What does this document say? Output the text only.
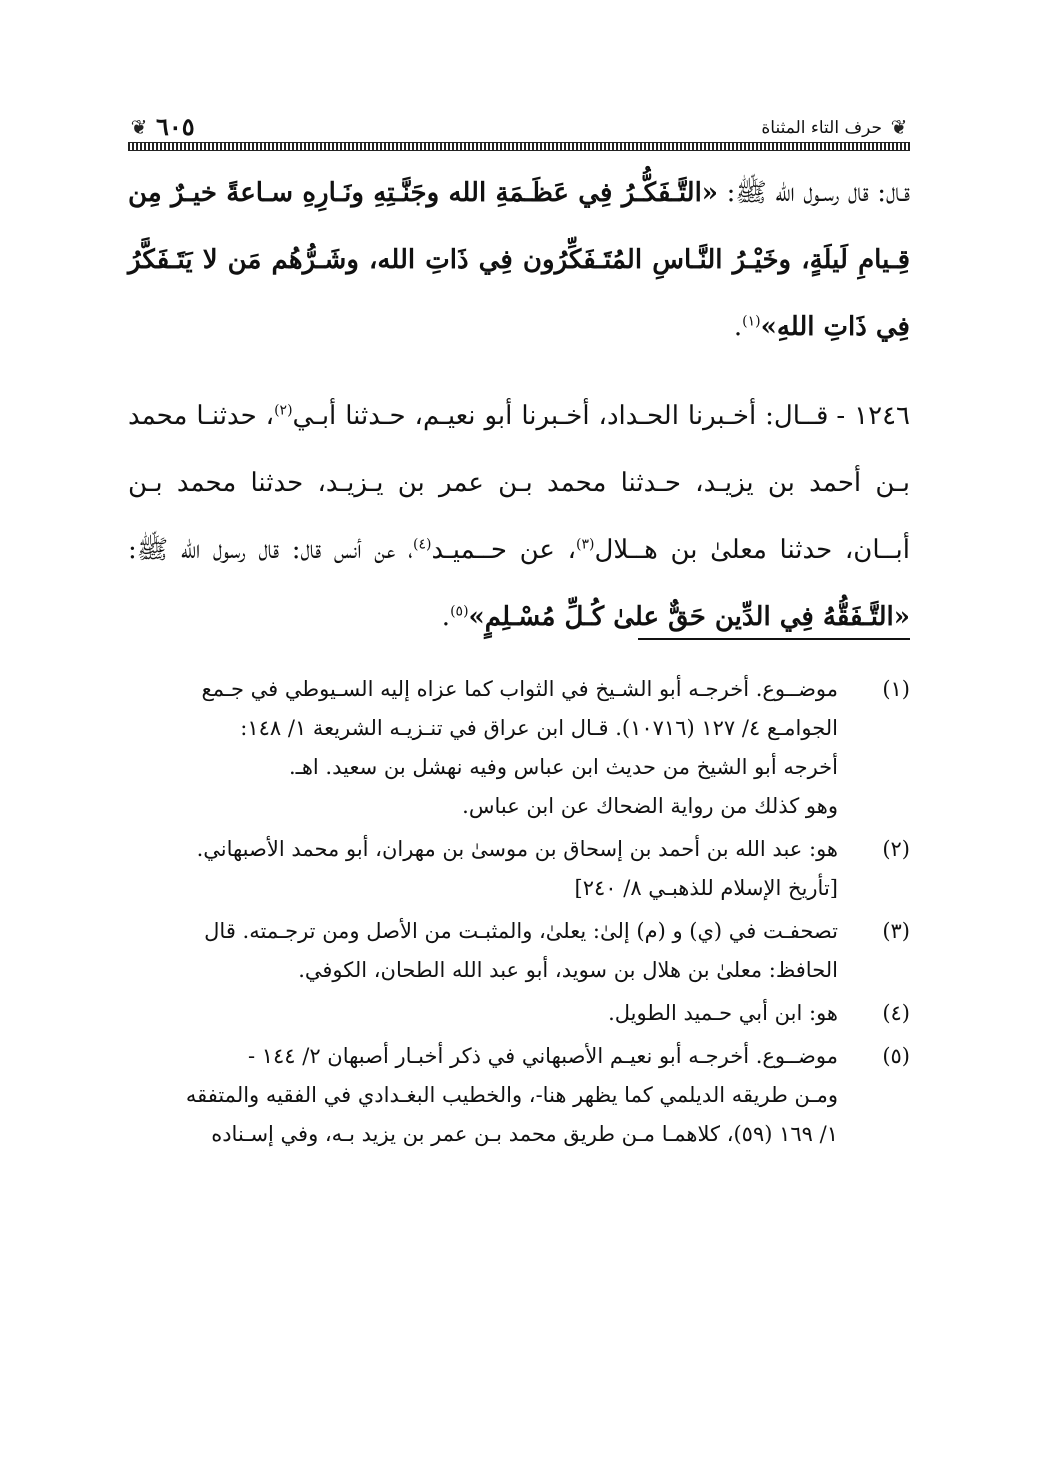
❦
حرف التاء المثناة
٦٠٥
❦

قـال: قال رسـول الله ﷺ: «التَّـفَكُّـرُ فِي عَظَـمَةِ الله وجَنَّـتِهِ ونَـارِهِ سـاعةً خيـرٌ مِن قِـيامِ لَيلَةٍ، وخَيْـرُ النَّـاسِ المُتَـفَكِّرُون فِي ذَاتِ الله، وشَـرُّهُم مَن لا يَتَـفَكَّرُ فِي ذَاتِ اللهِ»$^{(١)}$.

١٢٤٦ -قــال: أخـبرنا الحـداد، أخـبرنا أبو نعيـم، حـدثنا أبـي$^{(٢)}$، حدثنـا محمد بـن أحمد بن يزيـد، حـدثنا محمد بـن عمر بن يـزيـد، حدثنا محمد بـن أبــان، حدثنا معلىٰ بن هــلال$^{(٣)}$، عن حــميـد$^{(٤)}$، عن أنس قال: قال رسول الله ﷺ: «التَّـفَقُّهُ فِي الدِّين حَقٌّ علىٰ كُـلِّ مُسْـلِمٍ»$^{(٥)}$.

(١)
موضــوع. أخرجـه أبو الشـيخ في الثواب كما عزاه إليه السـيوطي في جـمع
الجوامـع ٤/ ١٢٧ (١٠٧١٦). قـال ابن عراق في تنـزيـه الشريعة ١/ ١٤٨:
أخرجه أبو الشيخ من حديث ابن عباس وفيه نهشل بن سعيد. اهـ.
وهو كذلك من رواية الضحاك عن ابن عباس.
(٢)
هو: عبد الله بن أحمد بن إسحاق بن موسىٰ بن مهران، أبو محمد الأصبهاني.
[تأريخ الإسلام للذهبـي ٨/ ٢٤٠]
(٣)
تصحفـت في (ي) و (م) إلىٰ: يعلىٰ، والمثبـت من الأصل ومن ترجـمته. قال
الحافظ: معلىٰ بن هلال بن سويد، أبو عبد الله الطحان، الكوفي.
(٤)
هو: ابن أبي حـميد الطويل.
(٥)
موضــوع. أخرجـه أبو نعيـم الأصبهاني في ذكر أخبـار أصبهان ٢/ ١٤٤ -
ومـن طريقه الديلمي كما يظهر هنا-، والخطيب البغـدادي في الفقيه والمتفقه
١/ ١٦٩ (٥٩)، كلاهمـا مـن طريق محمد بـن عمر بن يزيد بـه، وفي إسـناده
